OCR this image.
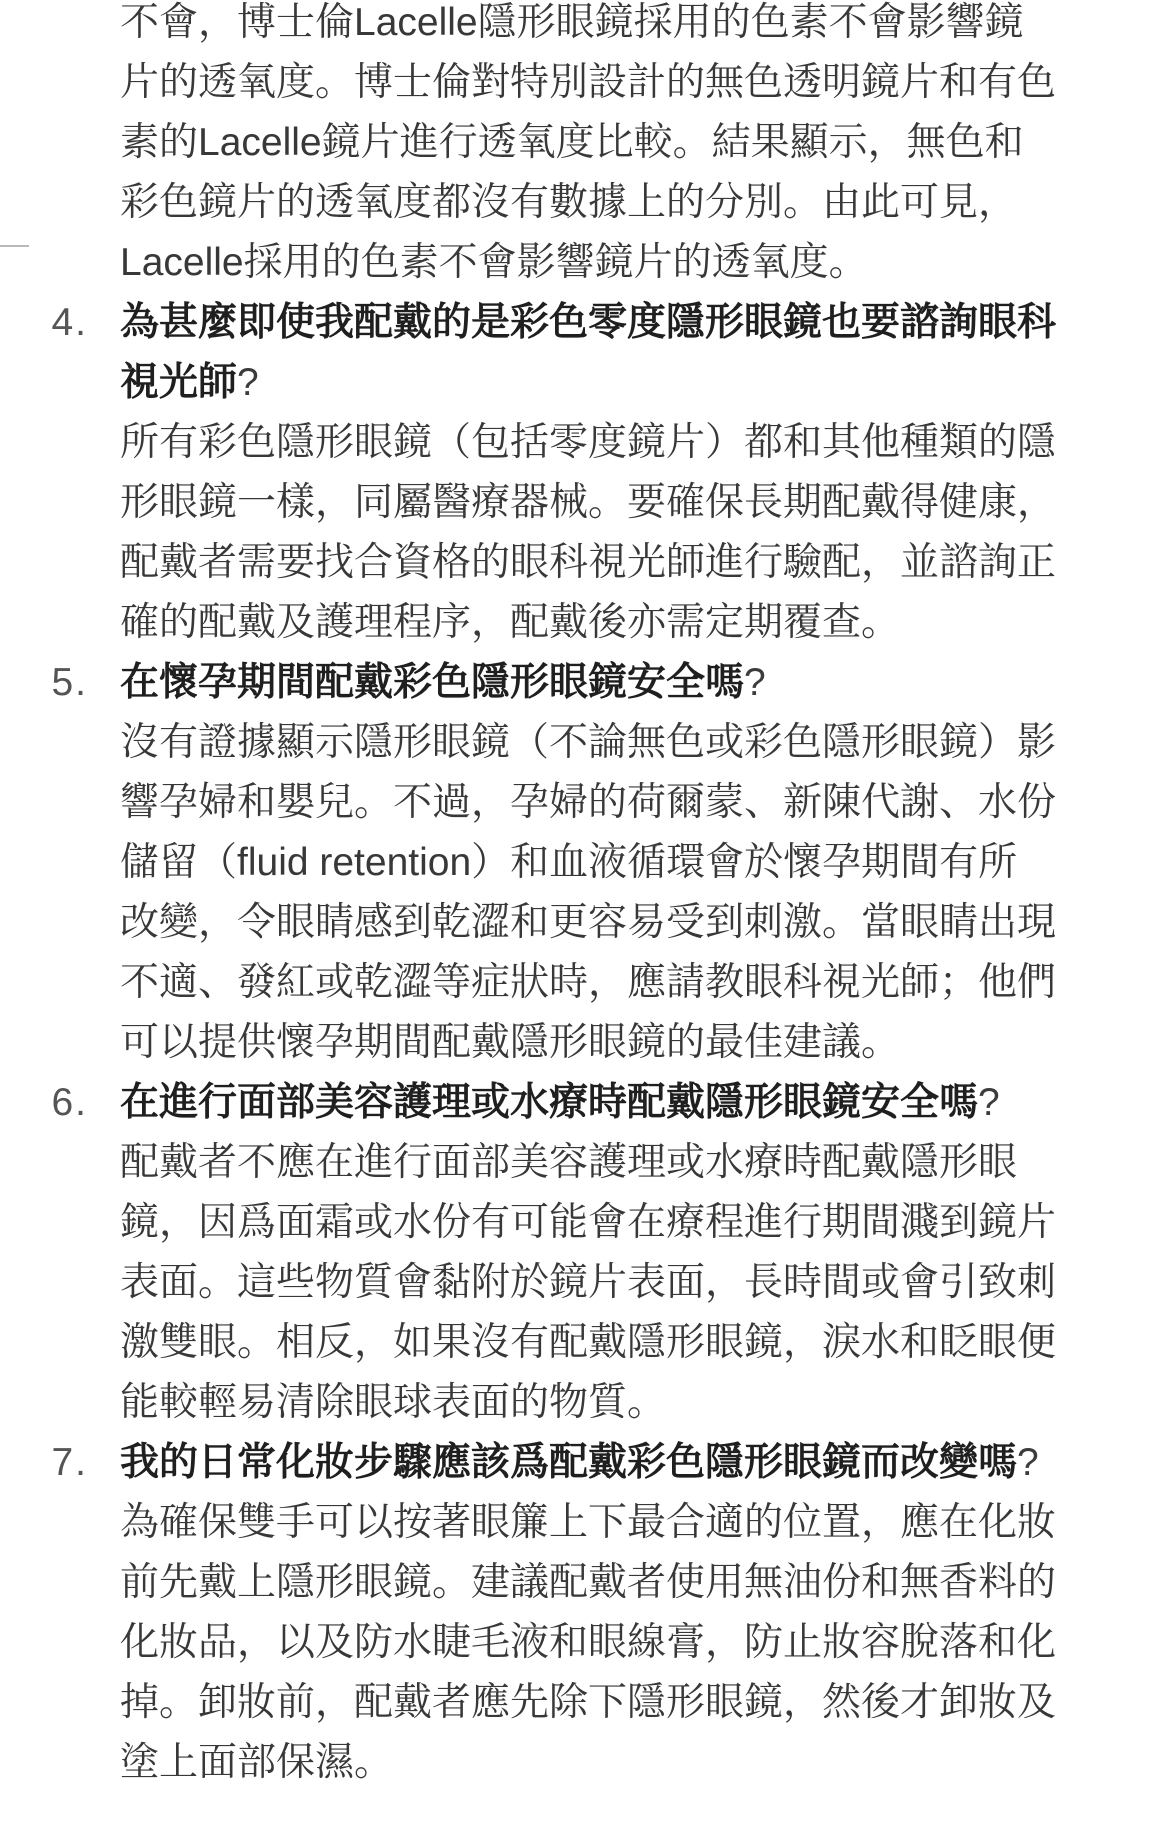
不會，博士倫Lacelle隱形眼鏡採用的色素不會影響鏡
片的透氧度。博士倫對特別設計的無色透明鏡片和有色
素的Lacelle鏡片進行透氧度比較。結果顯示，無色和
彩色鏡片的透氧度都沒有數據上的分別。由此可見，
Lacelle採用的色素不會影響鏡片的透氧度。
4. 為甚麼即使我配戴的是彩色零度隱形眼鏡也要諮詢眼科
視光師?
所有彩色隱形眼鏡（包括零度鏡片）都和其他種類的隱
形眼鏡一樣，同屬醫療器械。要確保長期配戴得健康，
配戴者需要找合資格的眼科視光師進行驗配，並諮詢正
確的配戴及護理程序，配戴後亦需定期覆查。
5. 在懷孕期間配戴彩色隱形眼鏡安全嗎?
沒有證據顯示隱形眼鏡（不論無色或彩色隱形眼鏡）影
響孕婦和嬰兒。不過，孕婦的荷爾蒙、新陳代謝、水份
儲留（fluid retention）和血液循環會於懷孕期間有所
改變，令眼睛感到乾澀和更容易受到刺激。當眼睛出現
不適、發紅或乾澀等症狀時，應請教眼科視光師；他們
可以提供懷孕期間配戴隱形眼鏡的最佳建議。
6. 在進行面部美容護理或水療時配戴隱形眼鏡安全嗎?
配戴者不應在進行面部美容護理或水療時配戴隱形眼
鏡，因爲面霜或水份有可能會在療程進行期間濺到鏡片
表面。這些物質會黏附於鏡片表面，長時間或會引致刺
激雙眼。相反，如果沒有配戴隱形眼鏡，淚水和眨眼便
能較輕易清除眼球表面的物質。
7. 我的日常化妝步驟應該爲配戴彩色隱形眼鏡而改變嗎?
為確保雙手可以按著眼簾上下最合適的位置，應在化妝
前先戴上隱形眼鏡。建議配戴者使用無油份和無香料的
化妝品，以及防水睫毛液和眼線膏，防止妝容脫落和化
掉。卸妝前，配戴者應先除下隱形眼鏡，然後才卸妝及
塗上面部保濕。
